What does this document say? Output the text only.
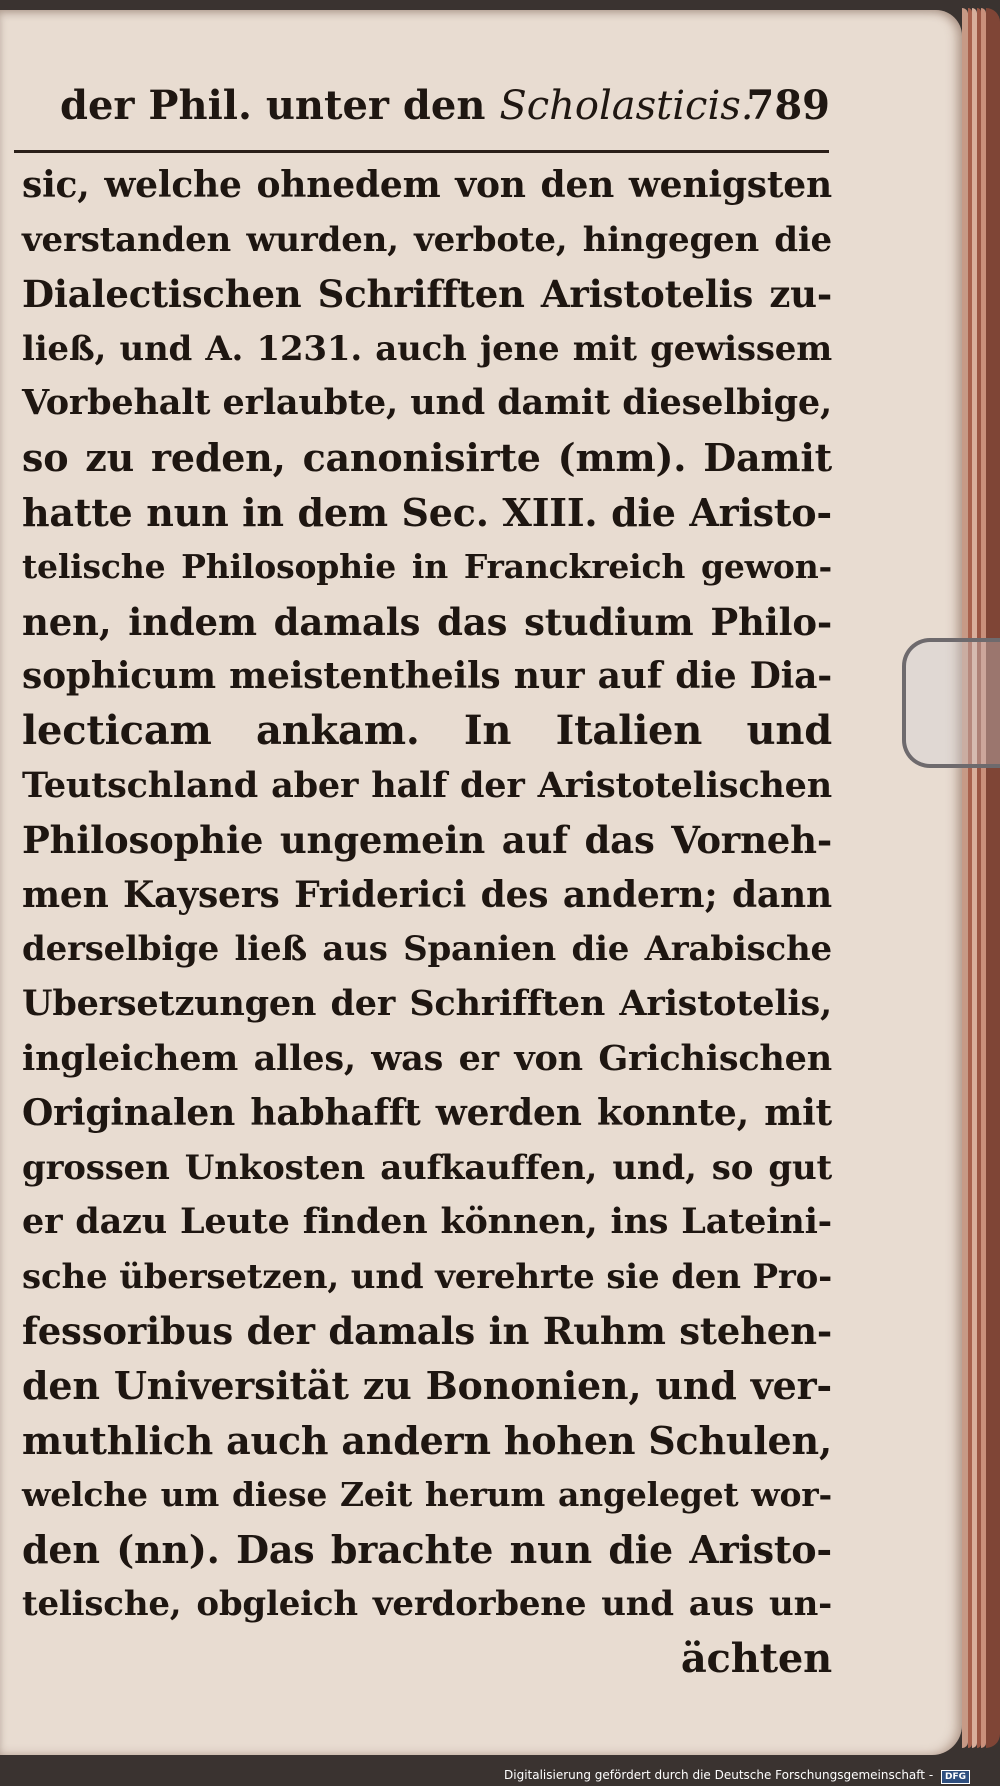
der Phil. unter den Scholasticis.
789
sic, welche ohnedem von den wenigsten
verstanden wurden, verbote, hingegen die
Dialectischen Schrifften Aristotelis zu-
ließ, und A. 1231. auch jene mit gewissem
Vorbehalt erlaubte, und damit dieselbige,
so zu reden, canonisirte (mm). Damit
hatte nun in dem Sec. XIII. die Aristo-
telische Philosophie in Franckreich gewon-
nen, indem damals das studium Philo-
sophicum meistentheils nur auf die Dia-
lecticam ankam. In Italien und
Teutschland aber half der Aristotelischen
Philosophie ungemein auf das Vorneh-
men Kaysers Friderici des andern; dann
derselbige ließ aus Spanien die Arabische
Ubersetzungen der Schrifften Aristotelis,
ingleichem alles, was er von Grichischen
Originalen habhafft werden konnte, mit
grossen Unkosten aufkauffen, und, so gut
er dazu Leute finden können, ins Lateini-
sche übersetzen, und verehrte sie den Pro-
fessoribus der damals in Ruhm stehen-
den Universität zu Bononien, und ver-
muthlich auch andern hohen Schulen,
welche um diese Zeit herum angeleget wor-
den (nn). Das brachte nun die Aristo-
telische, obgleich verdorbene und aus un-
ächten
Digitalisierung gefördert durch die Deutsche Forschungsgemeinschaft - DFG
